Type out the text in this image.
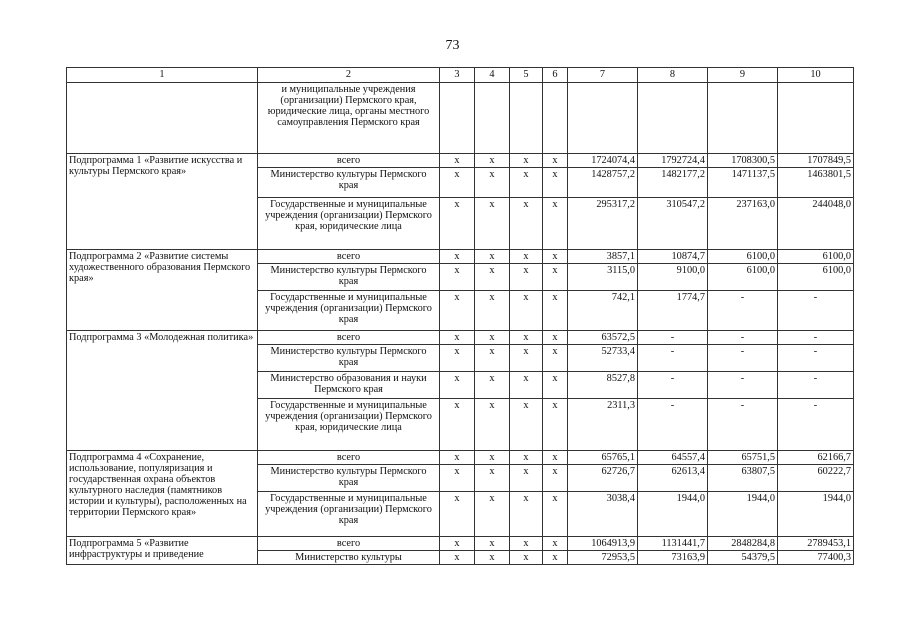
73
1	2	3	4	5	6	7	8	9	10
	и муниципальные учреждения (организации) Пермского края, юридические лица, органы местного самоуправления Пермского края								
Подпрограмма 1 «Развитие искусства и культуры Пермского края»	всего	х	х	х	х	1724074,4	1792724,4	1708300,5	1707849,5
	Министерство культуры Пермского края	х	х	х	х	1428757,2	1482177,2	1471137,5	1463801,5
	Государственные и муниципальные учреждения (организации) Пермского края, юридические лица	х	х	х	х	295317,2	310547,2	237163,0	244048,0
Подпрограмма 2 «Развитие системы художественного образования Пермского края»	всего	х	х	х	х	3857,1	10874,7	6100,0	6100,0
	Министерство культуры Пермского края	х	х	х	х	3115,0	9100,0	6100,0	6100,0
	Государственные и муниципальные учреждения (организации) Пермского края	х	х	х	х	742,1	1774,7	-	-
Подпрограмма 3 «Молодежная политика»	всего	х	х	х	х	63572,5	-	-	-
	Министерство культуры Пермского края	х	х	х	х	52733,4	-	-	-
	Министерство образования и науки Пермского края	х	х	х	х	8527,8	-	-	-
	Государственные и муниципальные учреждения (организации) Пермского края, юридические лица	х	х	х	х	2311,3	-	-	-
Подпрограмма 4 «Сохранение, использование, популяризация и государственная охрана объектов культурного наследия (памятников истории и культуры), расположенных на территории Пермского края»	всего	х	х	х	х	65765,1	64557,4	65751,5	62166,7
	Министерство культуры Пермского края	х	х	х	х	62726,7	62613,4	63807,5	60222,7
	Государственные и муниципальные учреждения (организации) Пермского края	х	х	х	х	3038,4	1944,0	1944,0	1944,0
Подпрограмма 5 «Развитие инфраструктуры и приведение	всего	х	х	х	х	1064913,9	1131441,7	2848284,8	2789453,1
	Министерство культуры	х	х	х	х	72953,5	73163,9	54379,5	77400,3
